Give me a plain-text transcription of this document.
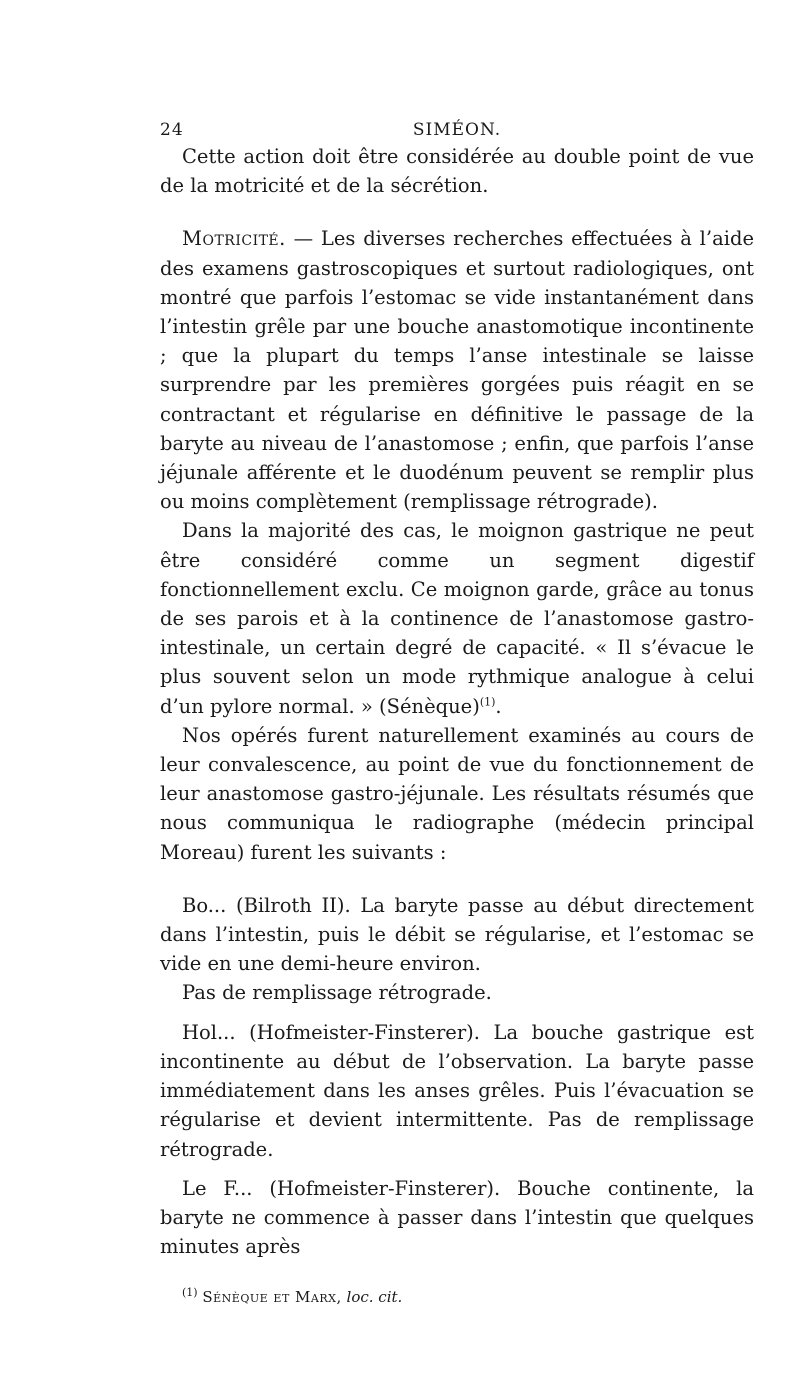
24	SIMÉON.

Cette action doit être considérée au double point de vue de la motricité et de la sécrétion.

Motricité. — Les diverses recherches effectuées à l’aide des examens gastroscopiques et surtout radiologiques, ont montré que parfois l’estomac se vide instantanément dans l’intestin grêle par une bouche anastomotique incontinente ; que la plupart du temps l’anse intestinale se laisse surprendre par les premières gorgées puis réagit en se contractant et régularise en définitive le passage de la baryte au niveau de l’anastomose ; enfin, que parfois l’anse jéjunale afférente et le duodénum peuvent se remplir plus ou moins complètement (remplissage rétrograde).

Dans la majorité des cas, le moignon gastrique ne peut être considéré comme un segment digestif fonctionnellement exclu. Ce moignon garde, grâce au tonus de ses parois et à la continence de l’anastomose gastro-intestinale, un certain degré de capacité. « Il s’évacue le plus souvent selon un mode rythmique analogue à celui d’un pylore normal. » (Sénèque)$^{(1)}$.

Nos opérés furent naturellement examinés au cours de leur convalescence, au point de vue du fonctionnement de leur anastomose gastro-jéjunale. Les résultats résumés que nous communiqua le radiographe (médecin principal Moreau) furent les suivants :

Bo... (Bilroth II). La baryte passe au début directement dans l’intestin, puis le débit se régularise, et l’estomac se vide en une demi-heure environ.

Pas de remplissage rétrograde.

Hol... (Hofmeister-Finsterer). La bouche gastrique est incontinente au début de l’observation. La baryte passe immédiatement dans les anses grêles. Puis l’évacuation se régularise et devient intermittente. Pas de remplissage rétrograde.

Le F... (Hofmeister-Finsterer). Bouche continente, la baryte ne commence à passer dans l’intestin que quelques minutes après

$^{(1)}$ Sénèque et Marx, loc. cit.
